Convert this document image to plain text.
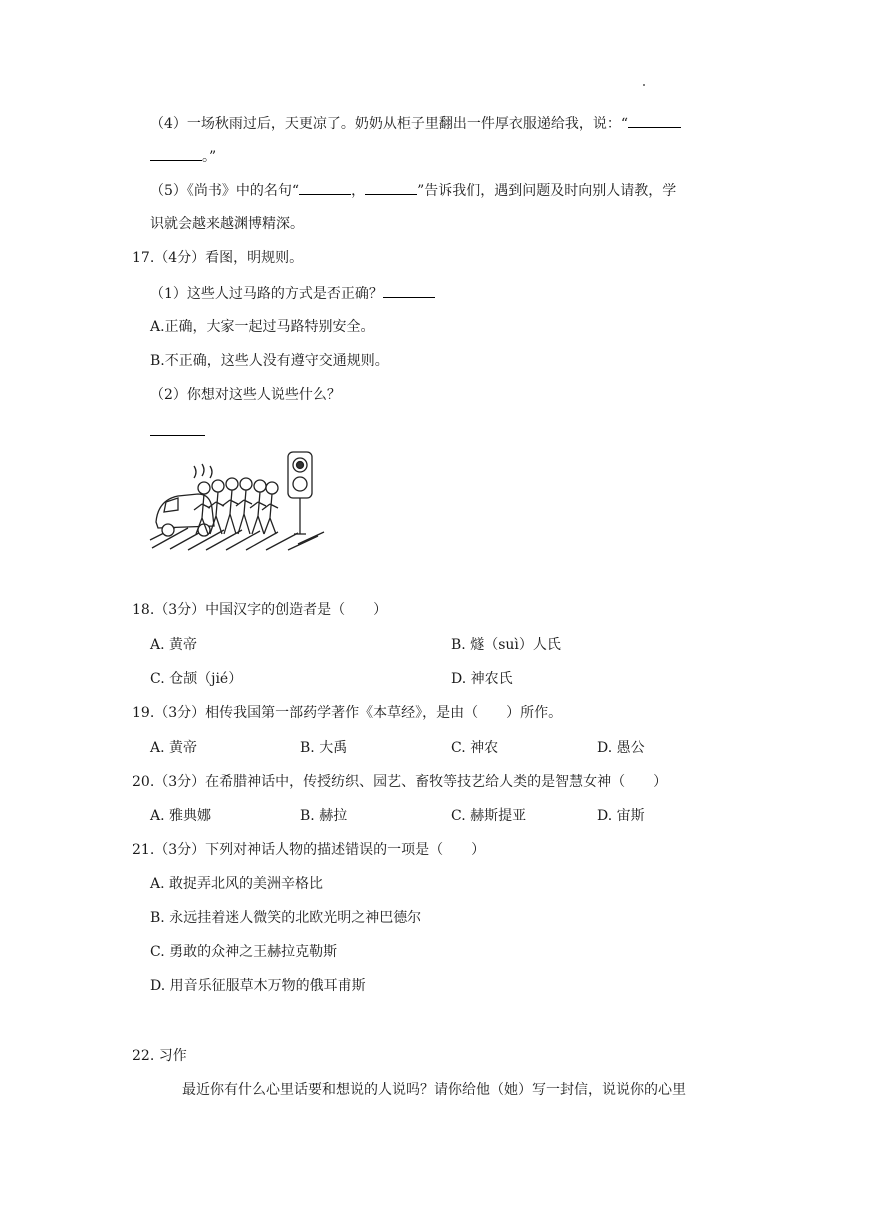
（4）一场秋雨过后，天更凉了。奶奶从柜子里翻出一件厚衣服递给我，说：“
。”
（5）《尚书》中的名句“	，	”告诉我们，遇到问题及时向别人请教，学
识就会越来越渊博精深。
17.（4分）看图，明规则。
（1）这些人过马路的方式是否正确？
A.正确，大家一起过马路特别安全。
B.不正确，这些人没有遵守交通规则。
（2）你想对这些人说些什么？
18.（3分）中国汉字的创造者是（　　）
A. 黄帝	B. 燧（suì）人氏
C. 仓颉（jié）	D. 神农氏
19.（3分）相传我国第一部药学著作《本草经》，是由（　　）所作。
A. 黄帝	B. 大禹	C. 神农	D. 愚公
20.（3分）在希腊神话中，传授纺织、园艺、畜牧等技艺给人类的是智慧女神（　　）
A. 雅典娜	B. 赫拉	C. 赫斯提亚	D. 宙斯
21.（3分）下列对神话人物的描述错误的一项是（　　）
A. 敢捉弄北风的美洲辛格比
B. 永远挂着迷人微笑的北欧光明之神巴德尔
C. 勇敢的众神之王赫拉克勒斯
D. 用音乐征服草木万物的俄耳甫斯
22. 习作
最近你有什么心里话要和想说的人说吗？请你给他（她）写一封信，说说你的心里
